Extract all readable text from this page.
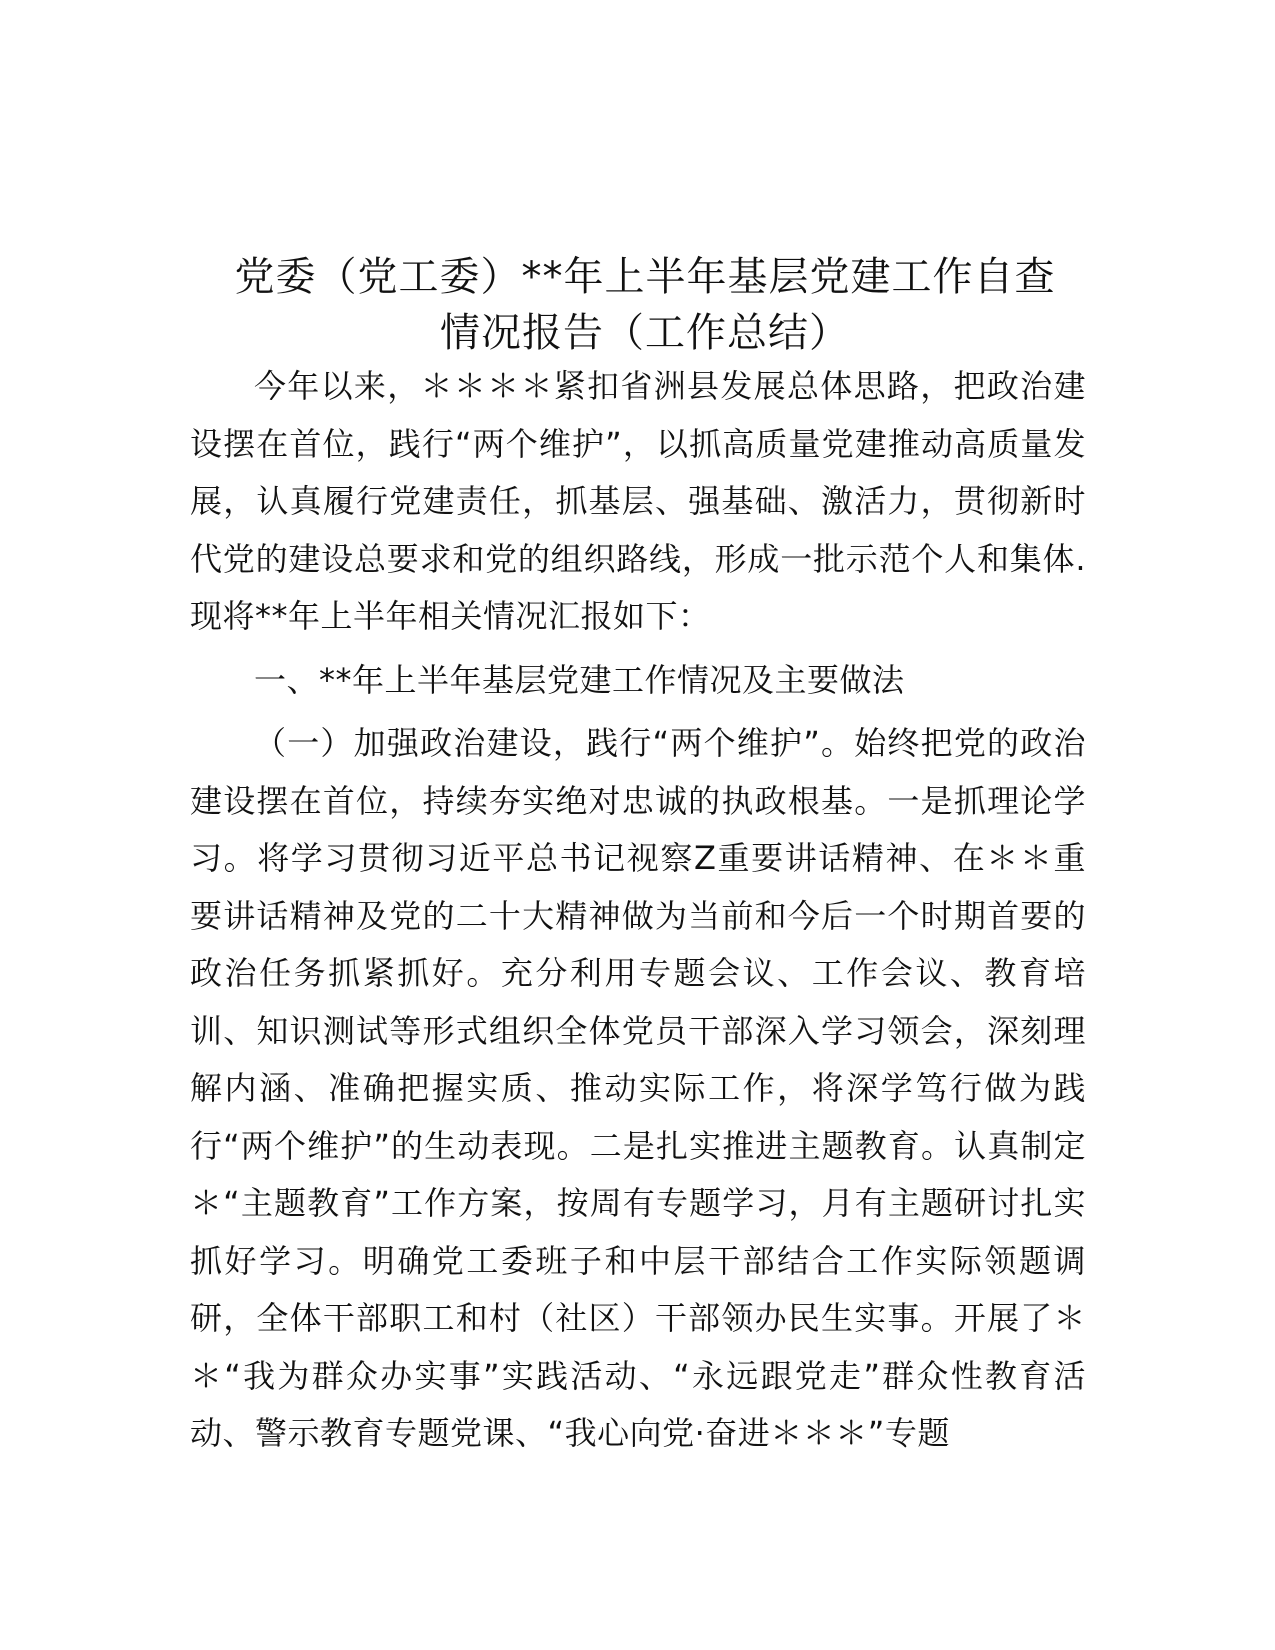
党委（党工委）**年上半年基层党建工作自查
情况报告（工作总结）

今年以来，＊＊＊＊紧扣省洲县发展总体思路，把政治建设摆在首位，践行“两个维护”，以抓高质量党建推动高质量发展，认真履行党建责任，抓基层、强基础、激活力，贯彻新时代党的建设总要求和党的组织路线，形成一批示范个人和集体.现将**年上半年相关情况汇报如下：

一、**年上半年基层党建工作情况及主要做法

（一）加强政治建设，践行“两个维护”。始终把党的政治建设摆在首位，持续夯实绝对忠诚的执政根基。一是抓理论学习。将学习贯彻习近平总书记视察Z重要讲话精神、在＊＊重要讲话精神及党的二十大精神做为当前和今后一个时期首要的政治任务抓紧抓好。充分利用专题会议、工作会议、教育培训、知识测试等形式组织全体党员干部深入学习领会，深刻理解内涵、准确把握实质、推动实际工作，将深学笃行做为践行“两个维护”的生动表现。二是扎实推进主题教育。认真制定＊“主题教育”工作方案，按周有专题学习，月有主题研讨扎实抓好学习。明确党工委班子和中层干部结合工作实际领题调研，全体干部职工和村（社区）干部领办民生实事。开展了＊＊“我为群众办实事”实践活动、“永远跟党走”群众性教育活动、警示教育专题党课、“我心向党·奋进＊＊＊”专题
